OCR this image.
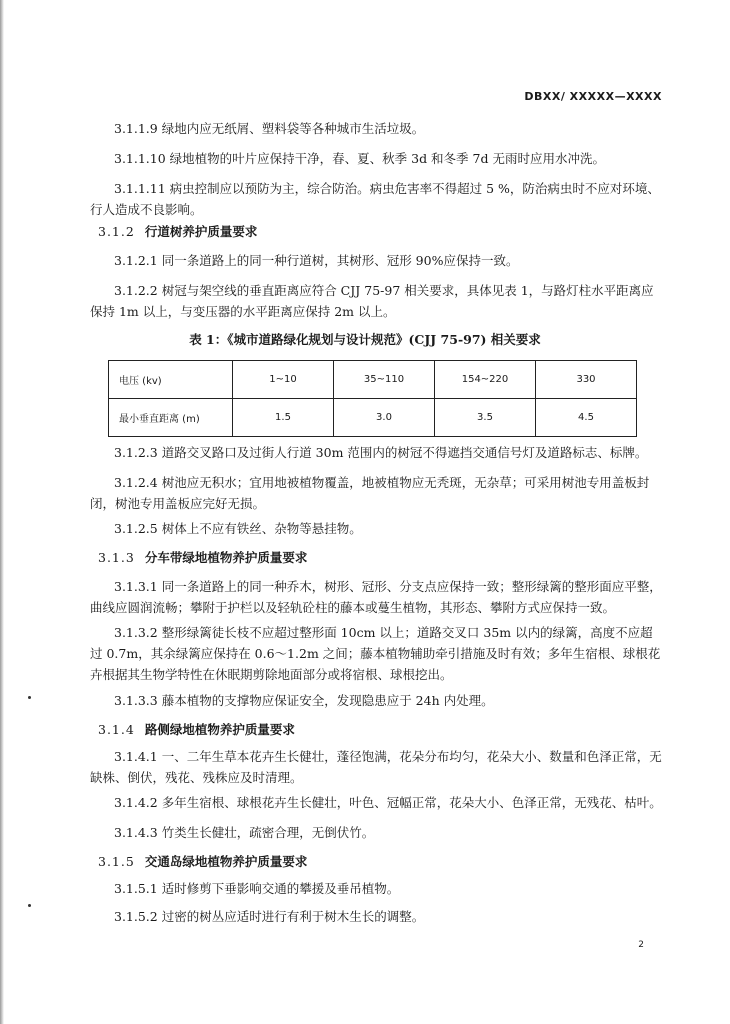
DBXX/ XXXXX—XXXX

3.1.1.9 绿地内应无纸屑、塑料袋等各种城市生活垃圾。

3.1.1.10 绿地植物的叶片应保持干净，春、夏、秋季 3d 和冬季 7d 无雨时应用水冲洗。

3.1.1.11 病虫控制应以预防为主，综合防治。病虫危害率不得超过 5 %，防治病虫时不应对环境、行人造成不良影响。

3.1.2 行道树养护质量要求

3.1.2.1 同一条道路上的同一种行道树，其树形、冠形 90%应保持一致。

3.1.2.2 树冠与架空线的垂直距离应符合 CJJ 75-97 相关要求，具体见表 1，与路灯柱水平距离应保持 1m 以上，与变压器的水平距离应保持 2m 以上。

表 1：《城市道路绿化规划与设计规范》(CJJ 75-97) 相关要求
电压 (kv)	1~10	35~110	154~220	330
最小垂直距离 (m)	1.5	3.0	3.5	4.5

3.1.2.3 道路交叉路口及过街人行道 30m 范围内的树冠不得遮挡交通信号灯及道路标志、标牌。

3.1.2.4 树池应无积水；宜用地被植物覆盖，地被植物应无秃斑，无杂草；可采用树池专用盖板封闭，树池专用盖板应完好无损。

3.1.2.5 树体上不应有铁丝、杂物等悬挂物。

3.1.3 分车带绿地植物养护质量要求

3.1.3.1 同一条道路上的同一种乔木，树形、冠形、分支点应保持一致；整形绿篱的整形面应平整，曲线应圆润流畅；攀附于护栏以及轻轨砼柱的藤本或蔓生植物，其形态、攀附方式应保持一致。

3.1.3.2 整形绿篱徒长枝不应超过整形面 10cm 以上；道路交叉口 35m 以内的绿篱，高度不应超过 0.7m，其余绿篱应保持在 0.6～1.2m 之间；藤本植物辅助牵引措施及时有效；多年生宿根、球根花卉根据其生物学特性在休眠期剪除地面部分或将宿根、球根挖出。

3.1.3.3 藤本植物的支撑物应保证安全，发现隐患应于 24h 内处理。

3.1.4 路侧绿地植物养护质量要求

3.1.4.1 一、二年生草本花卉生长健壮，蓬径饱满，花朵分布均匀，花朵大小、数量和色泽正常，无缺株、倒伏，残花、残株应及时清理。

3.1.4.2 多年生宿根、球根花卉生长健壮，叶色、冠幅正常，花朵大小、色泽正常，无残花、枯叶。

3.1.4.3 竹类生长健壮，疏密合理，无倒伏竹。

3.1.5 交通岛绿地植物养护质量要求

3.1.5.1 适时修剪下垂影响交通的攀援及垂吊植物。

3.1.5.2 过密的树丛应适时进行有利于树木生长的调整。

2
